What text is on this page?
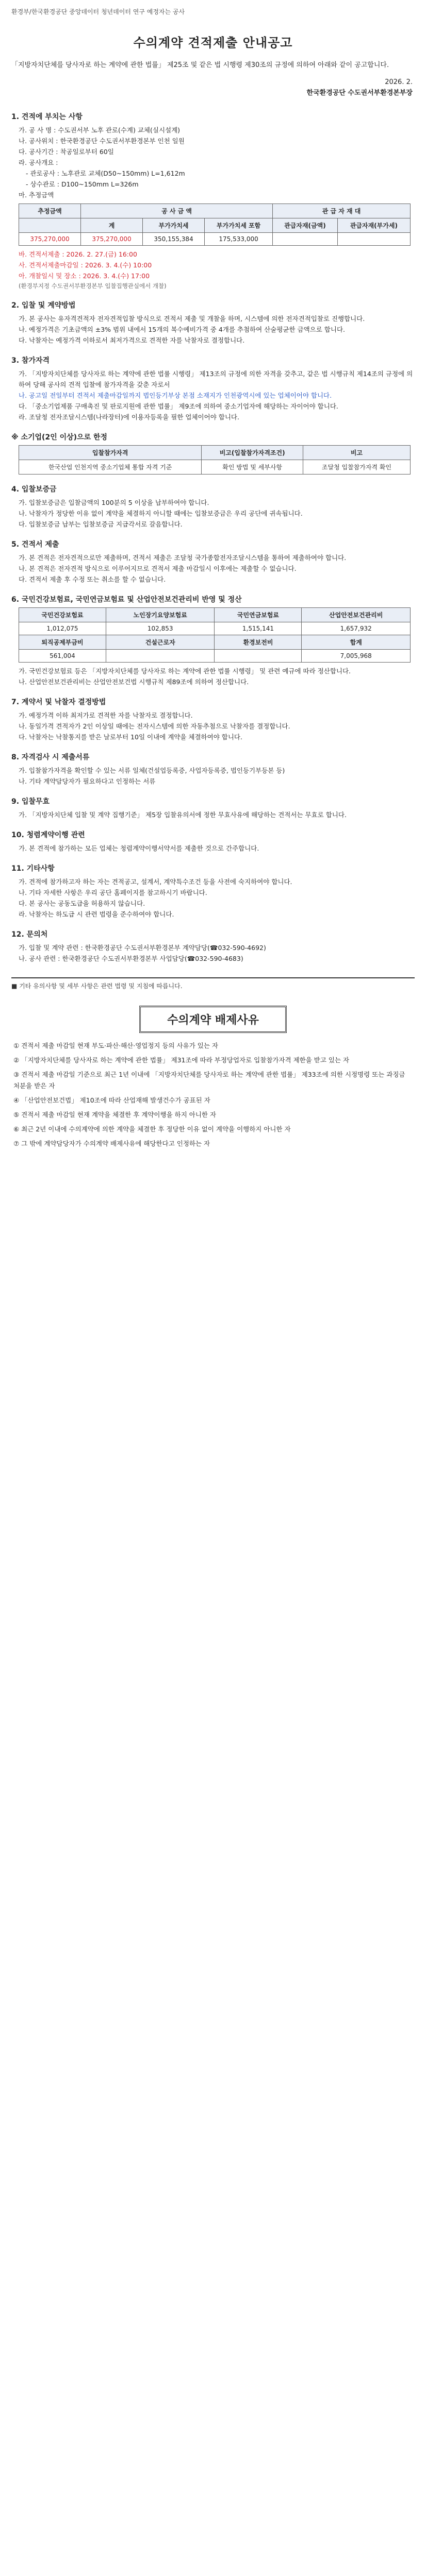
환경부/한국환경공단 중앙데이터 청년데이터 연구 예정자는 공사
수의계약 견적제출 안내공고
「지방자치단체를 당사자로 하는 계약에 관한 법률」 제25조 및 같은 법 시행령 제30조의 규정에 의하여 아래와 같이 공고합니다.
2026. 2.
한국환경공단 수도권서부환경본부장
1. 견적에 부치는 사항
가. 공 사 명 : 수도권서부 노후 관로(수계) 교체(실시설계)
나. 공사위치 : 한국환경공단 수도권서부환경본부 인천 일원
다. 공사기간 : 착공일로부터 60일
라. 공사개요 :
- 관로공사 : 노후관로 교체(D50~150mm) L=1,612m
- 상수관로 : D100~150mm L=326m
마. 추정금액
추정금액	공 사 금 액			관 급 자 재 대	
	계	부가가치세	부가가치세 포함	관급자재(금액)	관급자재(부가세)
375,270,000	375,270,000	350,155,384	175,533,000		
바. 견적서제출 : 2026. 2. 27.(금) 16:00
사. 견적서제출마감일 : 2026. 3. 4.(수) 10:00
아. 개찰일시 및 장소 : 2026. 3. 4.(수) 17:00
(환경부지정 수도권서부환경본부 입찰집행관실에서 개찰)
2. 입찰 및 계약방법
가. 본 공사는 유자격견적자 전자견적입찰 방식으로 견적서 제출 및 개찰을 하며, 시스템에 의한 전자견적입찰로 진행합니다.
나. 예정가격은 기초금액의 ±3% 범위 내에서 15개의 복수예비가격 중 4개를 추첨하여 산술평균한 금액으로 합니다.
다. 낙찰자는 예정가격 이하로서 최저가격으로 견적한 자를 낙찰자로 결정합니다.
3. 참가자격
가. 「지방자치단체를 당사자로 하는 계약에 관한 법률 시행령」 제13조의 규정에 의한 자격을 갖추고, 같은 법 시행규칙 제14조의 규정에 의하여 당해 공사의 견적 입찰에 참가자격을 갖춘 자로서
나. 공고일 전일부터 견적서 제출마감일까지 법인등기부상 본점 소재지가 인천광역시에 있는 업체이어야 합니다.
다. 「중소기업제품 구매촉진 및 판로지원에 관한 법률」 제9조에 의하여 중소기업자에 해당하는 자이어야 합니다.
라. 조달청 전자조달시스템(나라장터)에 이용자등록을 필한 업체이어야 합니다.
※ 소기업(2인 이상)으로 한정
입찰참가자격	비고(입찰참가자격조건)	비고
한국산업 인천지역 중소기업체 통합 자격 기준	확인 방법 및 세부사항	조달청 입찰참가자격 확인
4. 입찰보증금
가. 입찰보증금은 입찰금액의 100분의 5 이상을 납부하여야 합니다.
나. 낙찰자가 정당한 이유 없이 계약을 체결하지 아니할 때에는 입찰보증금은 우리 공단에 귀속됩니다.
다. 입찰보증금 납부는 입찰보증금 지급각서로 갈음합니다.
5. 견적서 제출
가. 본 견적은 전자견적으로만 제출하며, 견적서 제출은 조달청 국가종합전자조달시스템을 통하여 제출하여야 합니다.
나. 본 견적은 전자견적 방식으로 이루어지므로 견적서 제출 마감일시 이후에는 제출할 수 없습니다.
다. 견적서 제출 후 수정 또는 취소를 할 수 없습니다.
6. 국민건강보험료, 국민연금보험료 및 산업안전보건관리비 반영 및 정산
국민건강보험료	노인장기요양보험료	국민연금보험료	산업안전보건관리비
1,012,075	102,853	1,515,141	1,657,932
퇴직공제부금비	건설근로자	환경보전비	합계
561,004			7,005,968
가. 국민건강보험료 등은 「지방자치단체를 당사자로 하는 계약에 관한 법률 시행령」 및 관련 예규에 따라 정산합니다.
나. 산업안전보건관리비는 산업안전보건법 시행규칙 제89조에 의하여 정산합니다.
7. 계약서 및 낙찰자 결정방법
가. 예정가격 이하 최저가로 견적한 자를 낙찰자로 결정합니다.
나. 동일가격 견적자가 2인 이상일 때에는 전자시스템에 의한 자동추첨으로 낙찰자를 결정합니다.
다. 낙찰자는 낙찰통지를 받은 날로부터 10일 이내에 계약을 체결하여야 합니다.
8. 자격검사 시 제출서류
가. 입찰참가자격을 확인할 수 있는 서류 일체(건설업등록증, 사업자등록증, 법인등기부등본 등)
나. 기타 계약담당자가 필요하다고 인정하는 서류
9. 입찰무효
가. 「지방자치단체 입찰 및 계약 집행기준」 제5장 입찰유의서에 정한 무효사유에 해당하는 견적서는 무효로 합니다.
10. 청렴계약이행 관련
가. 본 견적에 참가하는 모든 업체는 청렴계약이행서약서를 제출한 것으로 간주합니다.
11. 기타사항
가. 견적에 참가하고자 하는 자는 견적공고, 설계서, 계약특수조건 등을 사전에 숙지하여야 합니다.
나. 기타 자세한 사항은 우리 공단 홈페이지를 참고하시기 바랍니다.
다. 본 공사는 공동도급을 허용하지 않습니다.
라. 낙찰자는 하도급 시 관련 법령을 준수하여야 합니다.
12. 문의처
가. 입찰 및 계약 관련 : 한국환경공단 수도권서부환경본부 계약담당(☎032-590-4692)
나. 공사 관련 : 한국환경공단 수도권서부환경본부 사업담당(☎032-590-4683)
■ 기타 유의사항 및 세부 사항은 관련 법령 및 지침에 따릅니다.
수의계약 배제사유
① 견적서 제출 마감일 현재 부도·파산·해산·영업정지 등의 사유가 있는 자
② 「지방자치단체를 당사자로 하는 계약에 관한 법률」 제31조에 따라 부정당업자로 입찰참가자격 제한을 받고 있는 자
③ 견적서 제출 마감일 기준으로 최근 1년 이내에 「지방자치단체를 당사자로 하는 계약에 관한 법률」 제33조에 의한 시정명령 또는 과징금 처분을 받은 자
④ 「산업안전보건법」 제10조에 따라 산업재해 발생건수가 공표된 자
⑤ 견적서 제출 마감일 현재 계약을 체결한 후 계약이행을 하지 아니한 자
⑥ 최근 2년 이내에 수의계약에 의한 계약을 체결한 후 정당한 이유 없이 계약을 이행하지 아니한 자
⑦ 그 밖에 계약담당자가 수의계약 배제사유에 해당한다고 인정하는 자
